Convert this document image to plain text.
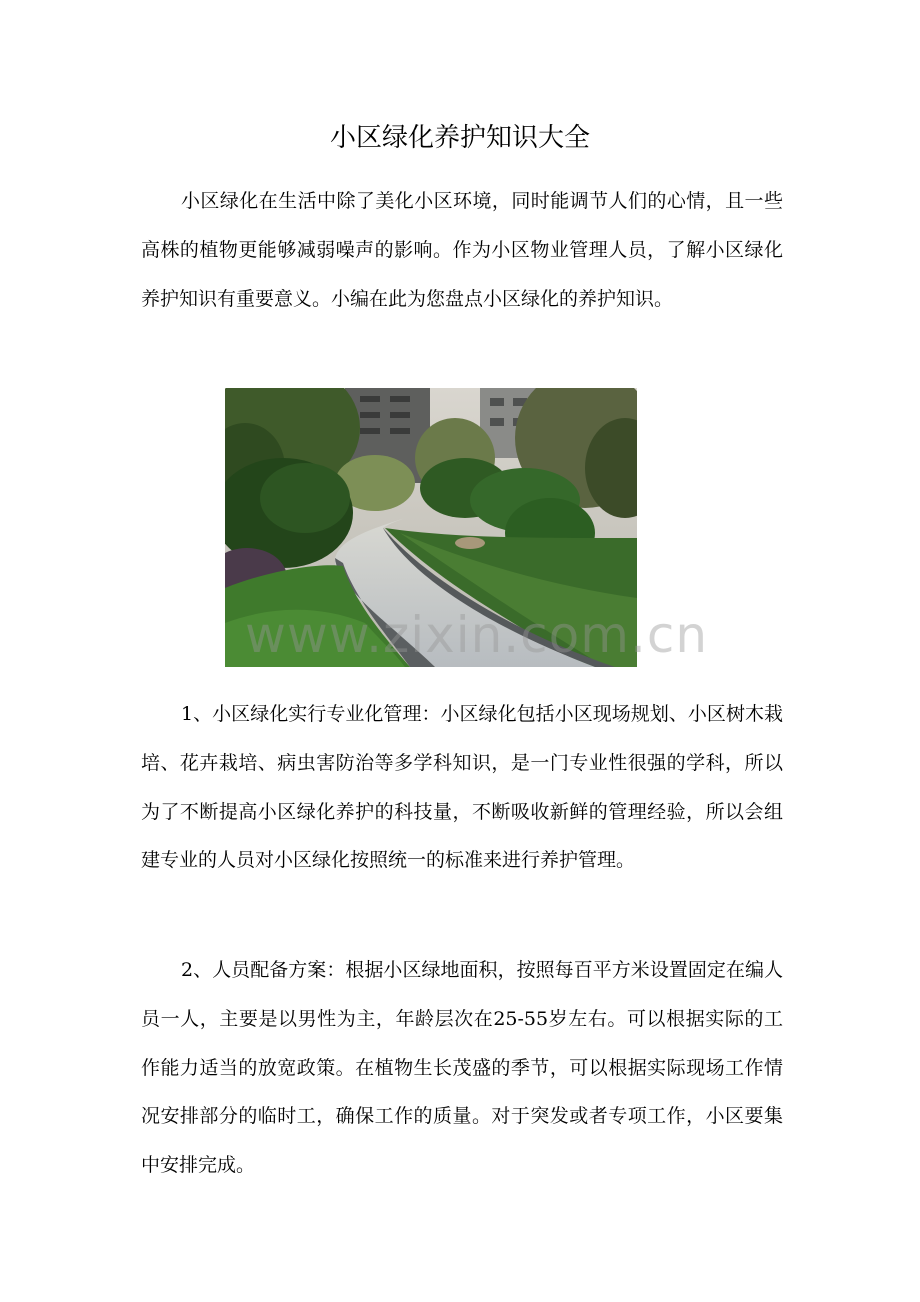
小区绿化养护知识大全

小区绿化在生活中除了美化小区环境，同时能调节人们的心情，且一些高株的植物更能够减弱噪声的影响。作为小区物业管理人员，了解小区绿化养护知识有重要意义。小编在此为您盘点小区绿化的养护知识。

www.zixin.com.cn

1、小区绿化实行专业化管理：小区绿化包括小区现场规划、小区树木栽培、花卉栽培、病虫害防治等多学科知识，是一门专业性很强的学科，所以为了不断提高小区绿化养护的科技量，不断吸收新鲜的管理经验，所以会组建专业的人员对小区绿化按照统一的标准来进行养护管理。

2、人员配备方案：根据小区绿地面积，按照每百平方米设置固定在编人员一人，主要是以男性为主，年龄层次在25-55岁左右。可以根据实际的工作能力适当的放宽政策。在植物生长茂盛的季节，可以根据实际现场工作情况安排部分的临时工，确保工作的质量。对于突发或者专项工作，小区要集中安排完成。
